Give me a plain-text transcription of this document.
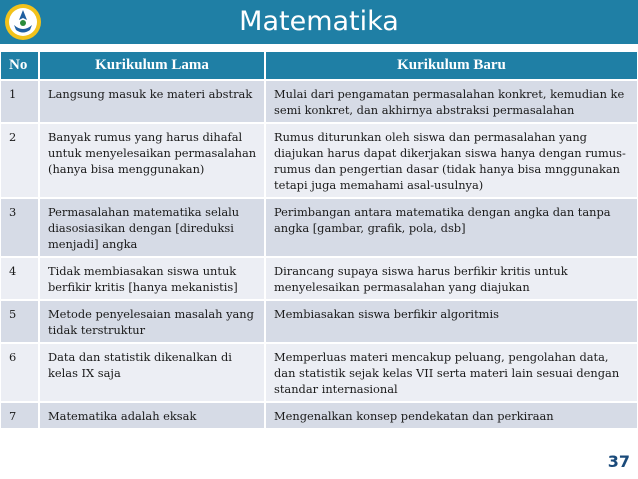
Matematika
No	Kurikulum Lama	Kurikulum Baru
1	Langsung masuk ke materi abstrak	Mulai dari pengamatan permasalahan konkret, kemudian ke semi konkret, dan akhirnya abstraksi permasalahan
2	Banyak rumus yang harus dihafal untuk menyelesaikan permasalahan (hanya bisa menggunakan)	Rumus diturunkan oleh siswa dan permasalahan yang diajukan harus dapat dikerjakan siswa hanya dengan rumus-rumus dan pengertian dasar (tidak hanya bisa mnggunakan tetapi juga memahami asal-usulnya)
3	Permasalahan matematika selalu diasosiasikan dengan [direduksi menjadi] angka	Perimbangan antara matematika dengan angka dan tanpa angka [gambar, grafik, pola, dsb]
4	Tidak membiasakan siswa untuk berfikir kritis [hanya mekanistis]	Dirancang supaya siswa harus berfikir kritis untuk menyelesaikan permasalahan yang diajukan
5	Metode penyelesaian masalah yang tidak terstruktur	Membiasakan siswa berfikir algoritmis
6	Data dan statistik dikenalkan di kelas IX saja	Memperluas materi mencakup peluang, pengolahan data, dan statistik sejak kelas VII serta materi lain sesuai dengan standar internasional
7	Matematika adalah eksak	Mengenalkan konsep pendekatan dan perkiraan
37
